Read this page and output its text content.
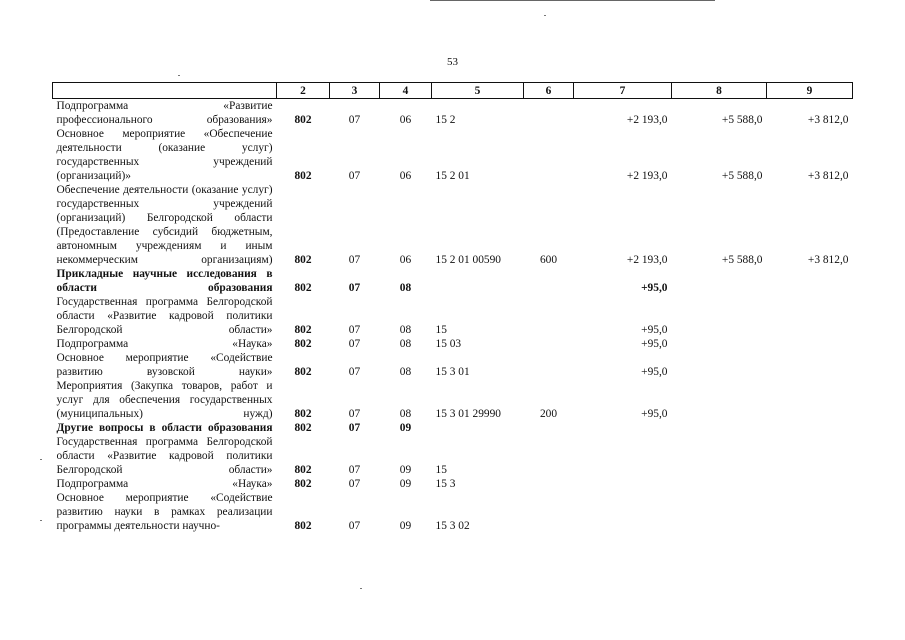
53
	2	3	4	5	6	7	8	9
Подпрограмма «Развитие профессионального образования»	802	07	06	15 2		+2 193,0	+5 588,0	+3 812,0
Основное мероприятие «Обеспечение деятельности (оказание услуг) государственных учреждений (организаций)»	802	07	06	15 2 01		+2 193,0	+5 588,0	+3 812,0
Обеспечение деятельности (оказание услуг) государственных учреждений (организаций) Белгородской области (Предоставление субсидий бюджетным, автономным учреждениям и иным некоммерческим организациям)	802	07	06	15 2 01 00590	600	+2 193,0	+5 588,0	+3 812,0
Прикладные научные исследования в области образования	802	07	08			+95,0		
Государственная программа Белгородской области «Развитие кадровой политики Белгородской области»	802	07	08	15		+95,0		
Подпрограмма «Наука»	802	07	08	15 03		+95,0		
Основное мероприятие «Содействие развитию вузовской науки»	802	07	08	15 3 01		+95,0		
Мероприятия (Закупка товаров, работ и услуг для обеспечения государственных (муниципальных) нужд)	802	07	08	15 3 01 29990	200	+95,0		
Другие вопросы в области образования	802	07	09					
Государственная программа Белгородской области «Развитие кадровой политики Белгородской области»	802	07	09	15				
Подпрограмма «Наука»	802	07	09	15 3				
Основное мероприятие «Содействие развитию науки в рамках реализации программы деятельности научно-	802	07	09	15 3 02				
